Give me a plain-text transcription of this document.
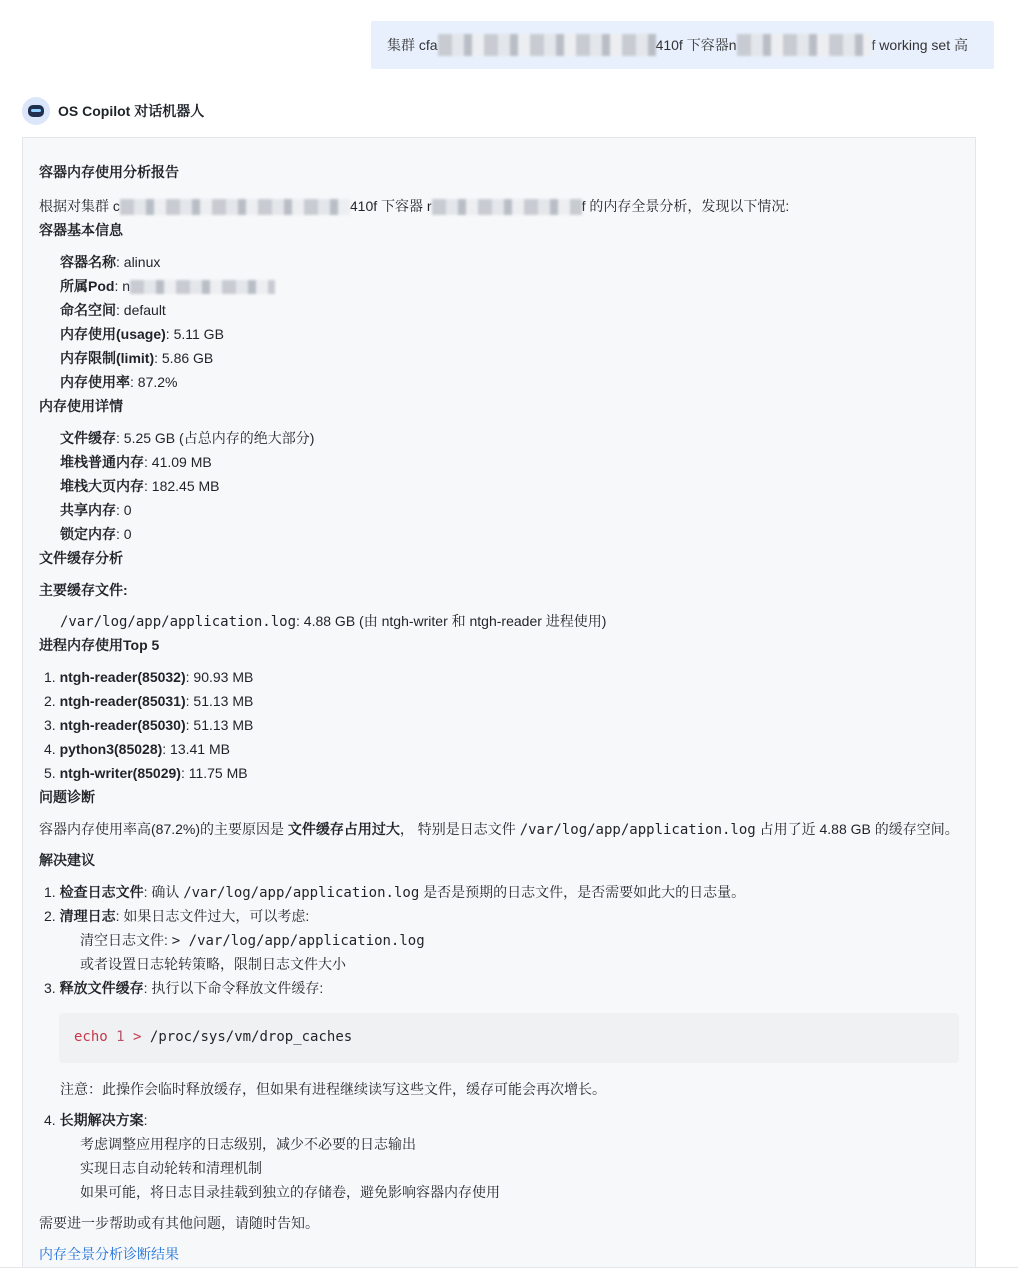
集群 cfa	410f 下容器n	f working set 高
OS Copilot 对话机器人
容器内存使用分析报告
根据对集群 c	410f 下容器 r	f 的内存全景分析，发现以下情况:
容器基本信息
容器名称: alinux
所属Pod: n
命名空间: default
内存使用(usage): 5.11 GB
内存限制(limit): 5.86 GB
内存使用率: 87.2%
内存使用详情
文件缓存: 5.25 GB (占总内存的绝大部分)
堆栈普通内存: 41.09 MB
堆栈大页内存: 182.45 MB
共享内存: 0
锁定内存: 0
文件缓存分析
主要缓存文件:
/var/log/app/application.log: 4.88 GB (由 ntgh-writer 和 ntgh-reader 进程使用)
进程内存使用Top 5
1. ntgh-reader(85032): 90.93 MB
2. ntgh-reader(85031): 51.13 MB
3. ntgh-reader(85030): 51.13 MB
4. python3(85028): 13.41 MB
5. ntgh-writer(85029): 11.75 MB
问题诊断
容器内存使用率高(87.2%)的主要原因是 文件缓存占用过大， 特别是日志文件 /var/log/app/application.log 占用了近 4.88 GB 的缓存空间。
解决建议
1. 检查日志文件: 确认 /var/log/app/application.log 是否是预期的日志文件，是否需要如此大的日志量。
2. 清理日志: 如果日志文件过大，可以考虑:
清空日志文件: > /var/log/app/application.log
或者设置日志轮转策略，限制日志文件大小
3. 释放文件缓存: 执行以下命令释放文件缓存:
echo 1 > /proc/sys/vm/drop_caches
注意：此操作会临时释放缓存，但如果有进程继续读写这些文件，缓存可能会再次增长。
4. 长期解决方案:
考虑调整应用程序的日志级别，减少不必要的日志输出
实现日志自动轮转和清理机制
如果可能，将日志目录挂载到独立的存储卷，避免影响容器内存使用
需要进一步帮助或有其他问题，请随时告知。
内存全景分析诊断结果
